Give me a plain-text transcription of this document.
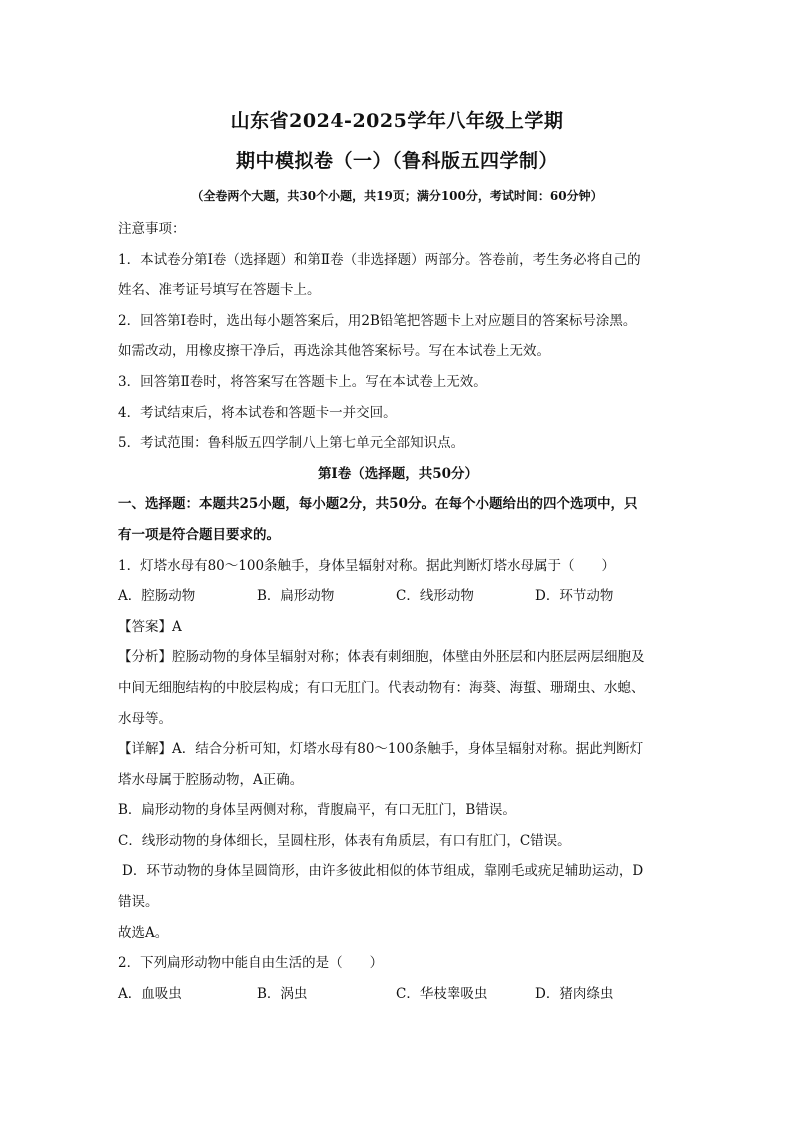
山东省2024-2025学年八年级上学期
期中模拟卷（一）（鲁科版五四学制）
（全卷两个大题，共30个小题，共19页；满分100分，考试时间：60分钟）
注意事项：
1．本试卷分第Ⅰ卷（选择题）和第Ⅱ卷（非选择题）两部分。答卷前，考生务必将自己的
姓名、准考证号填写在答题卡上。
2．回答第Ⅰ卷时，选出每小题答案后，用2B铅笔把答题卡上对应题目的答案标号涂黑。
如需改动，用橡皮擦干净后，再选涂其他答案标号。写在本试卷上无效。
3．回答第Ⅱ卷时，将答案写在答题卡上。写在本试卷上无效。
4．考试结束后，将本试卷和答题卡一并交回。
5．考试范围：鲁科版五四学制八上第七单元全部知识点。
第Ⅰ卷（选择题，共50分）
一、选择题：本题共25小题，每小题2分，共50分。在每个小题给出的四个选项中，只
有一项是符合题目要求的。
1．灯塔水母有80～100条触手，身体呈辐射对称。据此判断灯塔水母属于（　　）
A．腔肠动物	B．扁形动物	C．线形动物	D．环节动物
【答案】A
【分析】腔肠动物的身体呈辐射对称；体表有刺细胞，体壁由外胚层和内胚层两层细胞及
中间无细胞结构的中胶层构成；有口无肛门。代表动物有：海葵、海蜇、珊瑚虫、水螅、
水母等。
【详解】A．结合分析可知，灯塔水母有80～100条触手，身体呈辐射对称。据此判断灯
塔水母属于腔肠动物，A正确。
B．扁形动物的身体呈两侧对称，背腹扁平，有口无肛门，B错误。
C．线形动物的身体细长，呈圆柱形，体表有角质层，有口有肛门，C错误。
D．环节动物的身体呈圆筒形，由许多彼此相似的体节组成，靠刚毛或疣足辅助运动，D
错误。
故选A。
2．下列扁形动物中能自由生活的是（　　）
A．血吸虫	B．涡虫	C．华枝睾吸虫	D．猪肉绦虫
